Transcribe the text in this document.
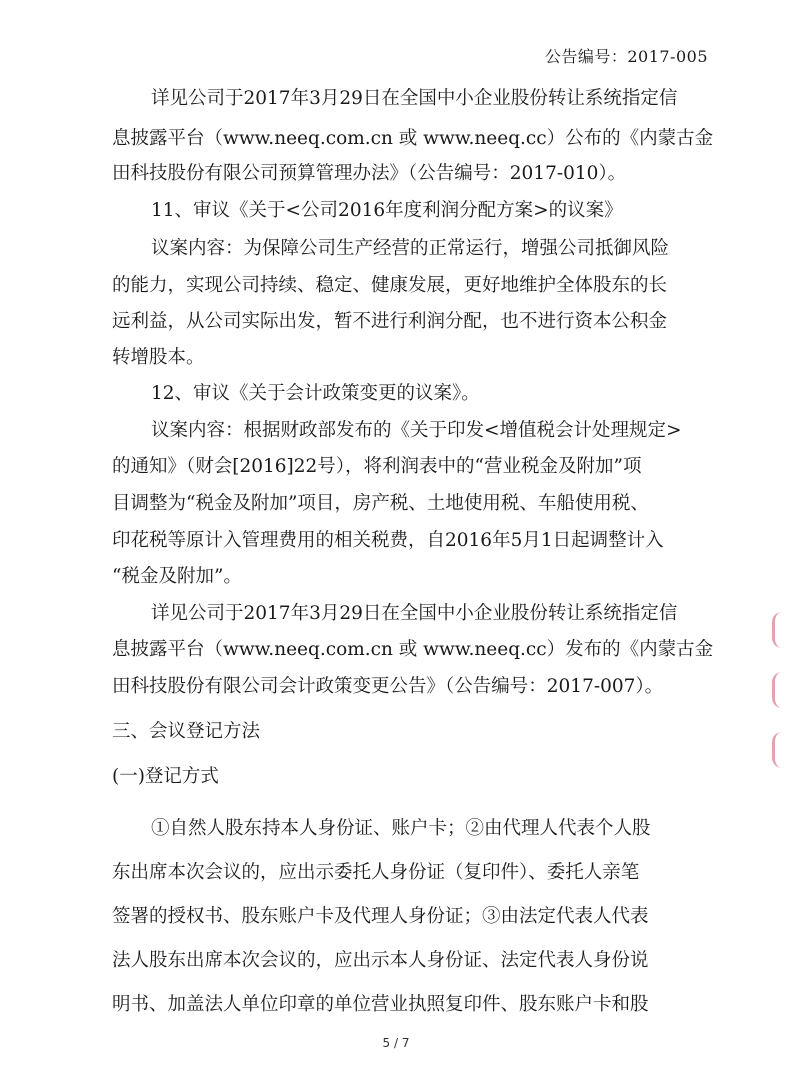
公告编号：2017-005
详见公司于2017年3月29日在全国中小企业股份转让系统指定信
息披露平台（www.neeq.com.cn 或 www.neeq.cc）公布的《内蒙古金
田科技股份有限公司预算管理办法》（公告编号：2017-010）。
11、审议《关于<公司2016年度利润分配方案>的议案》
议案内容：为保障公司生产经营的正常运行，增强公司抵御风险
的能力，实现公司持续、稳定、健康发展，更好地维护全体股东的长
远利益，从公司实际出发，暂不进行利润分配，也不进行资本公积金
转增股本。
12、审议《关于会计政策变更的议案》。
议案内容：根据财政部发布的《关于印发<增值税会计处理规定>
的通知》（财会[2016]22号），将利润表中的“营业税金及附加”项
目调整为“税金及附加”项目，房产税、土地使用税、车船使用税、
印花税等原计入管理费用的相关税费，自2016年5月1日起调整计入
“税金及附加”。
详见公司于2017年3月29日在全国中小企业股份转让系统指定信
息披露平台（www.neeq.com.cn 或 www.neeq.cc）发布的《内蒙古金
田科技股份有限公司会计政策变更公告》（公告编号：2017-007）。
三、会议登记方法
(一)登记方式
①自然人股东持本人身份证、账户卡；②由代理人代表个人股
东出席本次会议的，应出示委托人身份证（复印件）、委托人亲笔
签署的授权书、股东账户卡及代理人身份证；③由法定代表人代表
法人股东出席本次会议的，应出示本人身份证、法定代表人身份说
明书、加盖法人单位印章的单位营业执照复印件、股东账户卡和股
5 / 7
